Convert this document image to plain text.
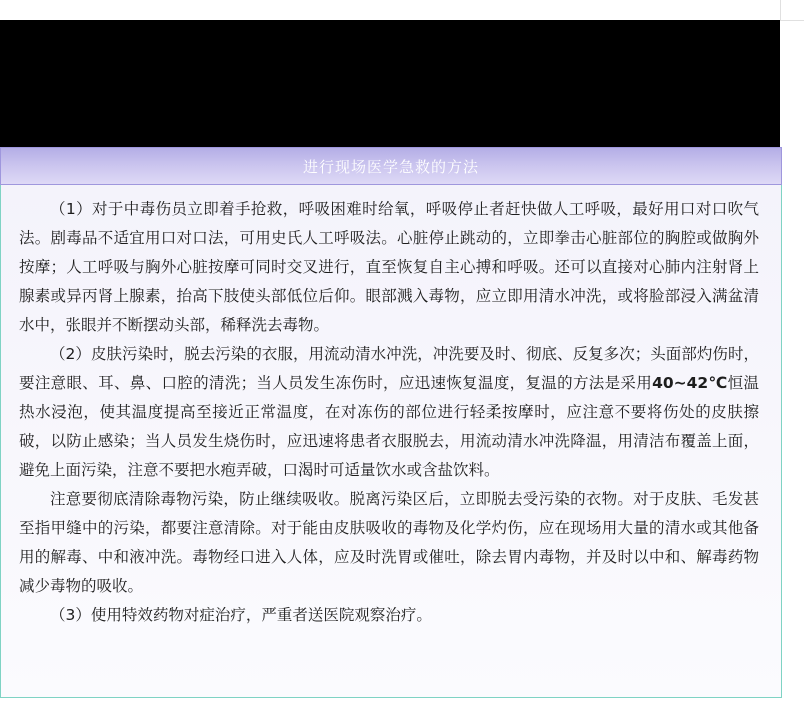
进行现场医学急救的方法

（1）对于中毒伤员立即着手抢救，呼吸困难时给氧，呼吸停止者赶快做人工呼吸，最好用口对口吹气法。剧毒品不适宜用口对口法，可用史氏人工呼吸法。心脏停止跳动的，立即拳击心脏部位的胸腔或做胸外按摩；人工呼吸与胸外心脏按摩可同时交叉进行，直至恢复自主心搏和呼吸。还可以直接对心肺内注射肾上腺素或异丙肾上腺素，抬高下肢使头部低位后仰。眼部溅入毒物，应立即用清水冲洗，或将脸部浸入满盆清水中，张眼并不断摆动头部，稀释洗去毒物。

（2）皮肤污染时，脱去污染的衣服，用流动清水冲洗，冲洗要及时、彻底、反复多次；头面部灼伤时，要注意眼、耳、鼻、口腔的清洗；当人员发生冻伤时，应迅速恢复温度，复温的方法是采用40~42℃恒温热水浸泡，使其温度提高至接近正常温度，在对冻伤的部位进行轻柔按摩时，应注意不要将伤处的皮肤擦破，以防止感染；当人员发生烧伤时，应迅速将患者衣服脱去，用流动清水冲洗降温，用清洁布覆盖上面，避免上面污染，注意不要把水疱弄破，口渴时可适量饮水或含盐饮料。

注意要彻底清除毒物污染，防止继续吸收。脱离污染区后，立即脱去受污染的衣物。对于皮肤、毛发甚至指甲缝中的污染，都要注意清除。对于能由皮肤吸收的毒物及化学灼伤，应在现场用大量的清水或其他备用的解毒、中和液冲洗。毒物经口进入人体，应及时洗胃或催吐，除去胃内毒物，并及时以中和、解毒药物减少毒物的吸收。

（3）使用特效药物对症治疗，严重者送医院观察治疗。
